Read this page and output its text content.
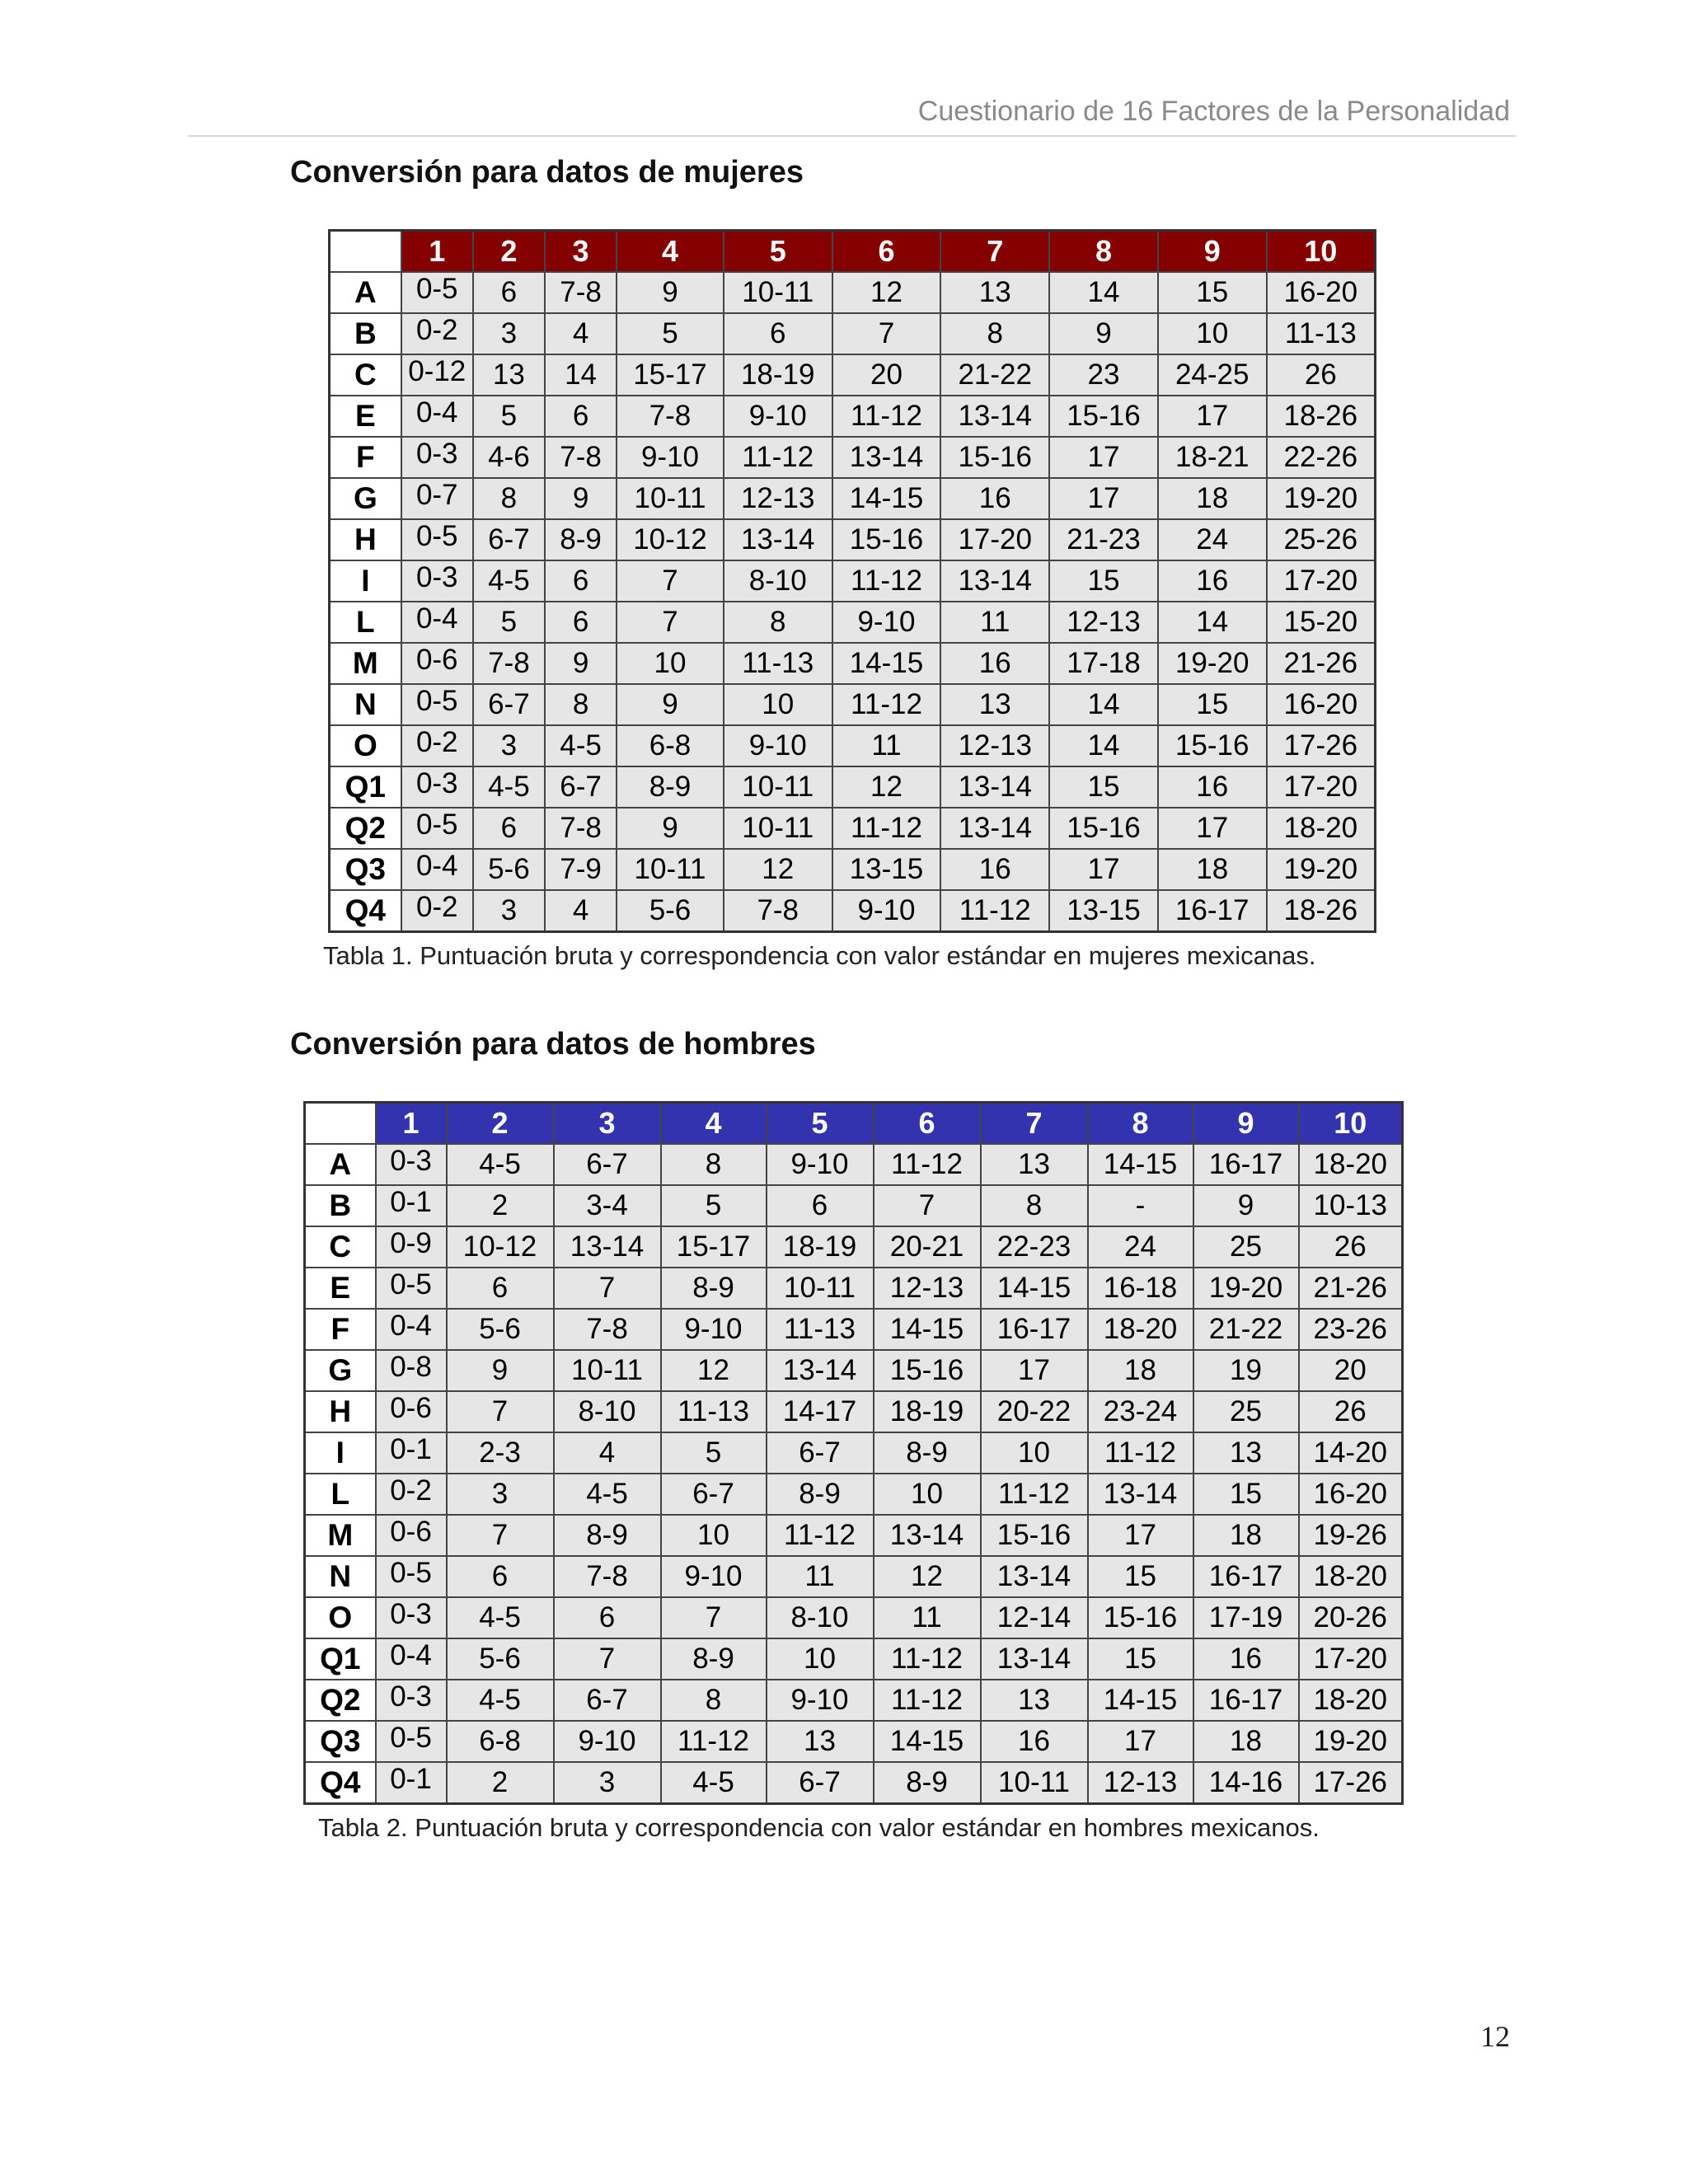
Cuestionario de 16 Factores de la Personalidad
Conversión para datos de mujeres
	1	2	3	4	5	6	7	8	9	10
A	0-5	6	7-8	9	10-11	12	13	14	15	16-20
B	0-2	3	4	5	6	7	8	9	10	11-13
C	0-12	13	14	15-17	18-19	20	21-22	23	24-25	26
E	0-4	5	6	7-8	9-10	11-12	13-14	15-16	17	18-26
F	0-3	4-6	7-8	9-10	11-12	13-14	15-16	17	18-21	22-26
G	0-7	8	9	10-11	12-13	14-15	16	17	18	19-20
H	0-5	6-7	8-9	10-12	13-14	15-16	17-20	21-23	24	25-26
I	0-3	4-5	6	7	8-10	11-12	13-14	15	16	17-20
L	0-4	5	6	7	8	9-10	11	12-13	14	15-20
M	0-6	7-8	9	10	11-13	14-15	16	17-18	19-20	21-26
N	0-5	6-7	8	9	10	11-12	13	14	15	16-20
O	0-2	3	4-5	6-8	9-10	11	12-13	14	15-16	17-26
Q1	0-3	4-5	6-7	8-9	10-11	12	13-14	15	16	17-20
Q2	0-5	6	7-8	9	10-11	11-12	13-14	15-16	17	18-20
Q3	0-4	5-6	7-9	10-11	12	13-15	16	17	18	19-20
Q4	0-2	3	4	5-6	7-8	9-10	11-12	13-15	16-17	18-26
Tabla 1. Puntuación bruta y correspondencia con valor estándar en mujeres mexicanas.
Conversión para datos de hombres
	1	2	3	4	5	6	7	8	9	10
A	0-3	4-5	6-7	8	9-10	11-12	13	14-15	16-17	18-20
B	0-1	2	3-4	5	6	7	8	-	9	10-13
C	0-9	10-12	13-14	15-17	18-19	20-21	22-23	24	25	26
E	0-5	6	7	8-9	10-11	12-13	14-15	16-18	19-20	21-26
F	0-4	5-6	7-8	9-10	11-13	14-15	16-17	18-20	21-22	23-26
G	0-8	9	10-11	12	13-14	15-16	17	18	19	20
H	0-6	7	8-10	11-13	14-17	18-19	20-22	23-24	25	26
I	0-1	2-3	4	5	6-7	8-9	10	11-12	13	14-20
L	0-2	3	4-5	6-7	8-9	10	11-12	13-14	15	16-20
M	0-6	7	8-9	10	11-12	13-14	15-16	17	18	19-26
N	0-5	6	7-8	9-10	11	12	13-14	15	16-17	18-20
O	0-3	4-5	6	7	8-10	11	12-14	15-16	17-19	20-26
Q1	0-4	5-6	7	8-9	10	11-12	13-14	15	16	17-20
Q2	0-3	4-5	6-7	8	9-10	11-12	13	14-15	16-17	18-20
Q3	0-5	6-8	9-10	11-12	13	14-15	16	17	18	19-20
Q4	0-1	2	3	4-5	6-7	8-9	10-11	12-13	14-16	17-26
Tabla 2. Puntuación bruta y correspondencia con valor estándar en hombres mexicanos.
12
